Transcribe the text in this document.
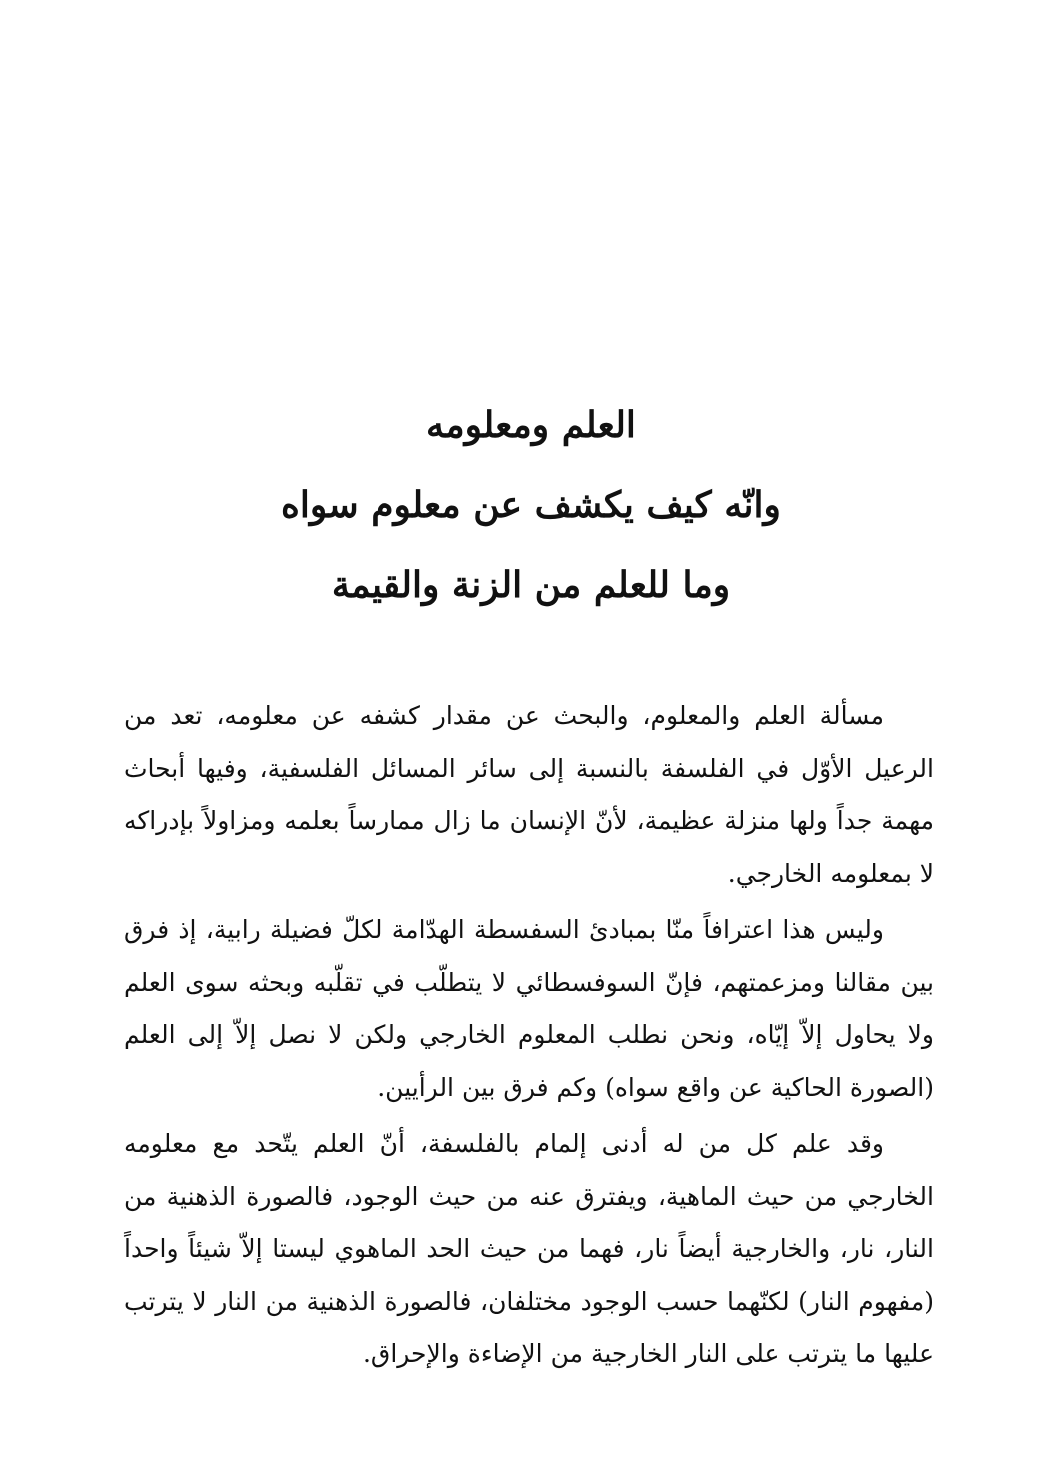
العلم ومعلومه
وانّه كيف يكشف عن معلوم سواه
وما للعلم من الزنة والقيمة

مسألة العلم والمعلوم، والبحث عن مقدار كشفه عن معلومه، تعد من الرعيل الأوّل في الفلسفة بالنسبة إلى سائر المسائل الفلسفية، وفيها أبحاث مهمة جداً ولها منزلة عظيمة، لأنّ الإنسان ما زال ممارساً بعلمه ومزاولاً بإدراكه لا بمعلومه الخارجي.

وليس هذا اعترافاً منّا بمبادئ السفسطة الهدّامة لكلّ فضيلة رابية، إذ فرق بين مقالنا ومزعمتهم، فإنّ السوفسطائي لا يتطلّب في تقلّبه وبحثه سوى العلم ولا يحاول إلاّ إيّاه، ونحن نطلب المعلوم الخارجي ولكن لا نصل إلاّ إلى العلم (الصورة الحاكية عن واقع سواه) وكم فرق بين الرأيين.

وقد علم كل من له أدنى إلمام بالفلسفة، أنّ العلم يتّحد مع معلومه الخارجي من حيث الماهية، ويفترق عنه من حيث الوجود، فالصورة الذهنية من النار، نار، والخارجية أيضاً نار، فهما من حيث الحد الماهوي ليستا إلاّ شيئاً واحداً (مفهوم النار) لكنّهما حسب الوجود مختلفان، فالصورة الذهنية من النار لا يترتب عليها ما يترتب على النار الخارجية من الإضاءة والإحراق.
